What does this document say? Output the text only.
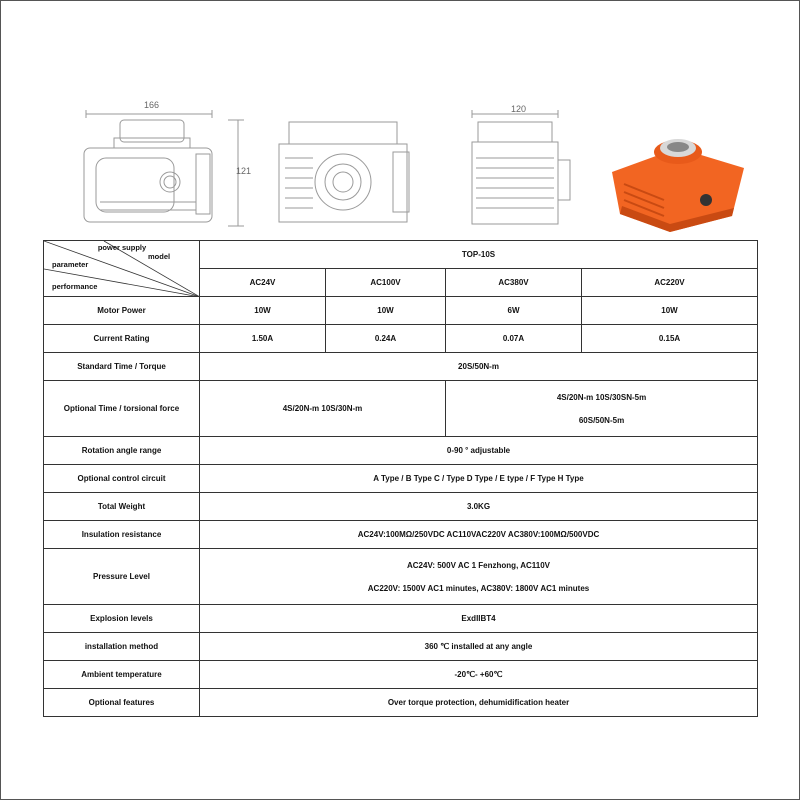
166
121
120
power supply
model
parameter
performance	TOP-10S			
	AC24V	AC100V	AC380V	AC220V
Motor Power	10W	10W	6W	10W
Current Rating	1.50A	0.24A	0.07A	0.15A
Standard Time / Torque	20S/50N-m			
Optional Time / torsional force	4S/20N-m 10S/30N-m		4S/20N-m 10S/30SN-5m
60S/50N-5m	

Rotation angle range	0-90 ° adjustable			
Optional control circuit	A Type / B Type C / Type D Type / E type / F Type H Type			
Total Weight	3.0KG			
Insulation resistance	AC24V:100MΩ/250VDC AC110VAC220V AC380V:100MΩ/500VDC			
Pressure Level	AC24V: 500V AC 1 Fenzhong, AC110V
AC220V: 1500V AC1 minutes, AC380V: 1800V AC1 minutes			

Explosion levels	ExdIIBT4			
installation method	360 ℃ installed at any angle			
Ambient temperature	-20℃- +60℃			
Optional features	Over torque protection, dehumidification heater			
